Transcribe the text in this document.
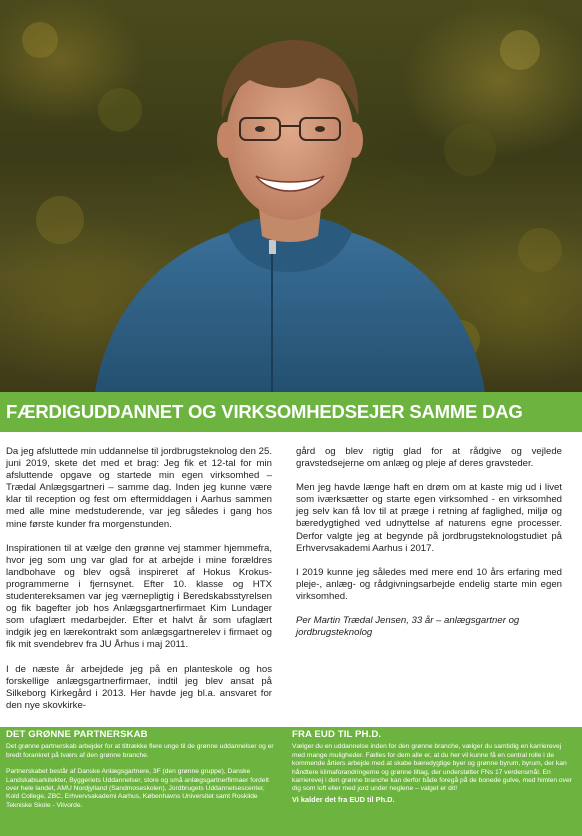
FÆRDIGUDDANNET OG VIRKSOMHEDSEJER SAMME DAG

Da jeg afsluttede min uddannelse til jordbrugsteknolog den 25. juni 2019, skete det med et brag: Jeg fik et 12-tal for min afsluttende opgave og startede min egen virksomhed – Trædal Anlægsgartneri – samme dag. Inden jeg kunne være klar til reception og fest om eftermiddagen i Aarhus sammen med alle mine medstuderende, var jeg således i gang hos mine første kunder fra morgenstunden.

Inspirationen til at vælge den grønne vej stammer hjemmefra, hvor jeg som ung var glad for at arbejde i mine forældres landbohave og blev også inspireret af Hokus Krokus-programmerne i fjernsynet. Efter 10. klasse og HTX studentereksamen var jeg værnepligtig i Beredskabsstyrelsen og fik bagefter job hos Anlægsgartnerfirmaet Kim Lundager som ufaglært medarbejder. Efter et halvt år som ufaglært indgik jeg en lærekontrakt som anlægsgartnerelev i firmaet og fik mit svendebrev fra JU Århus i maj 2011.

I de næste år arbejdede jeg på en planteskole og hos forskellige anlægsgartnerfirmaer, indtil jeg blev ansat på Silkeborg Kirkegård i 2013. Her havde jeg bl.a. ansvaret for den nye skovkirke-

gård og blev rigtig glad for at rådgive og vejlede gravstedsejerne om anlæg og pleje af deres gravsteder.

Men jeg havde længe haft en drøm om at kaste mig ud i livet som iværksætter og starte egen virksomhed - en virksomhed jeg selv kan få lov til at præge i retning af faglighed, miljø og bæredygtighed ved udnyttelse af naturens egne processer. Derfor valgte jeg at begynde på jordbrugsteknologstudiet på Erhvervsakademi Aarhus i 2017.

I 2019 kunne jeg således med mere end 10 års erfaring med pleje-, anlæg- og rådgivningsarbejde endelig starte min egen virksomhed.

Per Martin Trædal Jensen, 33 år – anlægsgartner og jordbrugsteknolog

DET GRØNNE PARTNERSKAB

Det grønne partnerskab arbejder for at tiltrække flere unge til de grønne uddannelser og er bredt forankret på tværs af den grønne branche.

Partnerskabet består af Danske Anlægsgartnere, 3F (den grønne gruppe), Danske Landskabsarkitekter, Byggeriets Uddannelser, store og små anlægsgartnerfirmaer fordelt over hele landet, AMU Nordjylland (Sandmoseskolen), Jordbrugets Uddannelsescenter, Kold College, ZBC, Erhvervsakademi Aarhus, Københavns Universitet samt Roskilde Tekniske Skole - Vilvorde.

FRA EUD TIL PH.D.

Vælger du en uddannelse inden for den grønne branche, vælger du samtidig en karrierevej med mange muligheder. Fælles for dem alle er, at du her vil kunne få en central rolle i de kommende årtiers arbejde med at skabe bæredygtige byer og grønne byrum, byrum, der kan håndtere klimaforandringerne og grønne tiltag, der understøtter FNs 17 verdensmål. En karrierevej i den grønne branche kan derfor både foregå på de bonede gulve, med himlen over dig som loft eller med jord under neglene – valget er dit!

Vi kalder det fra EUD til Ph.D.
